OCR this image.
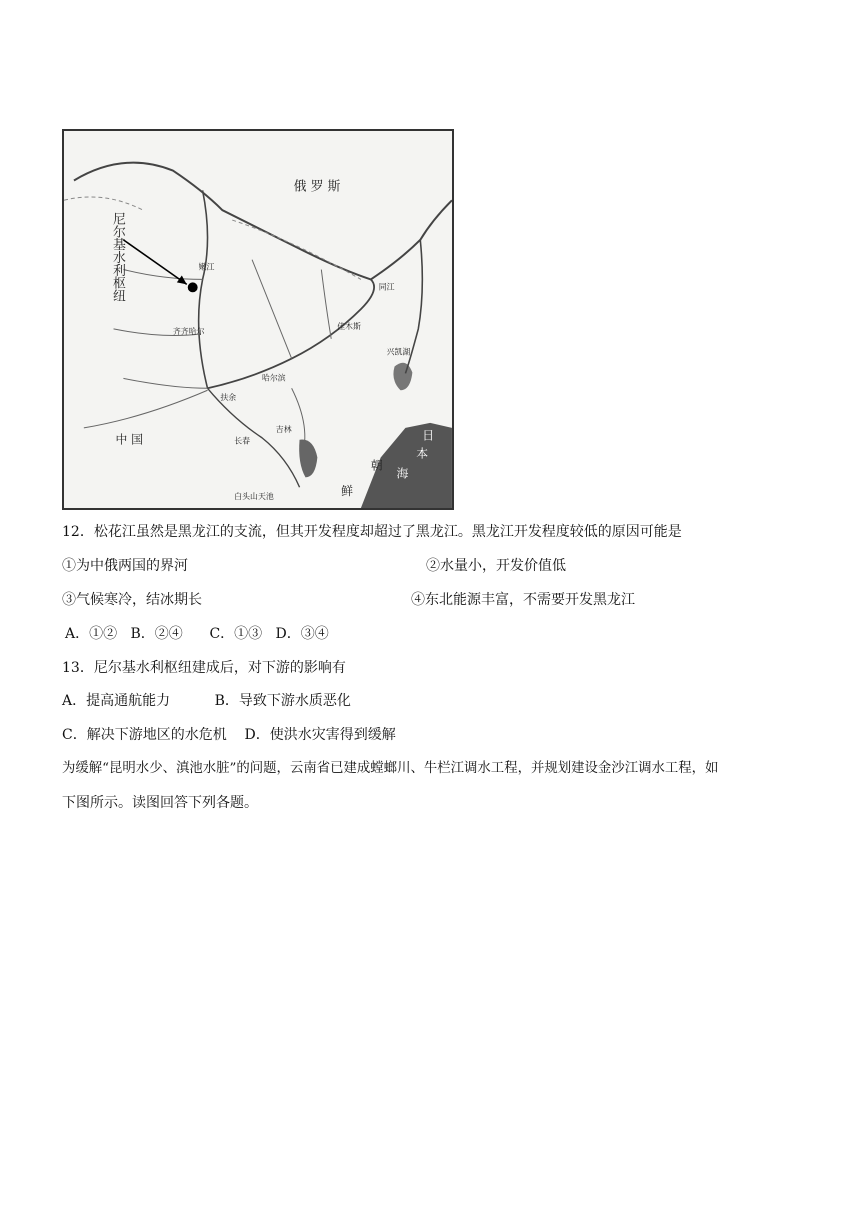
俄 罗 斯
中 国
朝
鲜
日
本
海
尼尔基水利枢纽	嫩江
齐齐哈尔
哈尔滨
佳木斯
同江
长春
吉林
扶余
兴凯湖
白头山天池
12．松花江虽然是黑龙江的支流，但其开发程度却超过了黑龙江。黑龙江开发程度较低的原因可能是
①为中俄两国的界河	②水量小，开发价值低
③气候寒冷，结冰期长	④东北能源丰富，不需要开发黑龙江
A．①②   B．②④      C．①③   D．③④
13．尼尔基水利枢纽建成后，对下游的影响有
A．提高通航能力          B．导致下游水质恶化
C．解决下游地区的水危机    D．使洪水灾害得到缓解
为缓解“昆明水少、滇池水脏”的问题，云南省已建成螳螂川、牛栏江调水工程，并规划建设金沙江调水工程，如
下图所示。读图回答下列各题。
